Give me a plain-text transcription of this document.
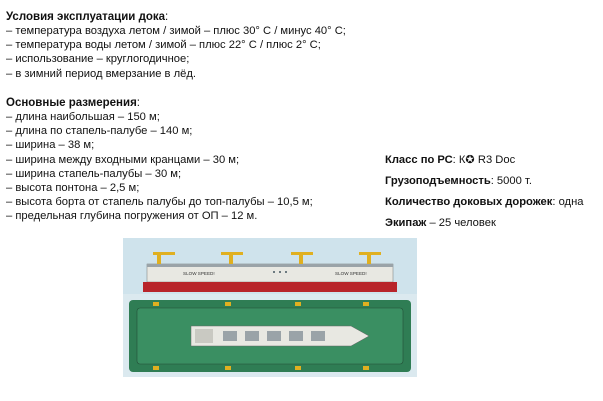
Условия эксплуатации дока:

– температура воздуха летом / зимой – плюс 30° С / минус 40° С;

– температура воды летом / зимой – плюс 22° С / плюс 2° С;

– использование – круглогодичное;

– в зимний период вмерзание в лёд.

Основные размерения:

– длина наибольшая – 150 м;

– длина по стапель-палубе – 140 м;

– ширина – 38 м;

– ширина между входными кранцами – 30 м;

– ширина стапель-палубы – 30 м;

– высота понтона – 2,5 м;

– высота борта от стапель палубы до топ-палубы – 10,5 м;

– предельная глубина погружения от ОП – 12 м.

Класс по РС: К✪ R3 Doc
Грузоподъемность: 5000 т.
Количество доковых дорожек: одна
Экипаж – 25 человек
SLOW SPEED!	SLOW SPEED!
